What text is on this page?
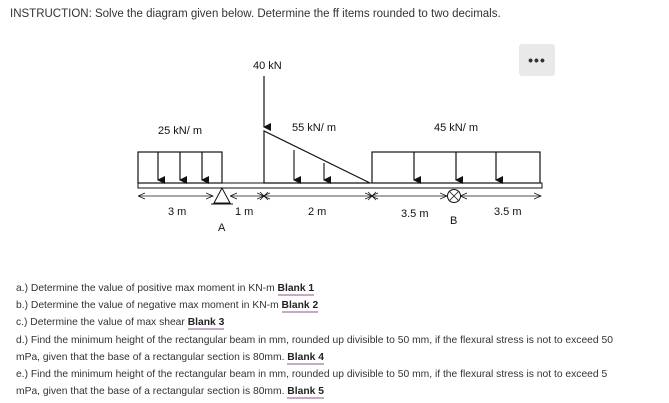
INSTRUCTION: Solve the diagram given below. Determine the ff items rounded to two decimals.
•••
25 kN/ m
40 kN
55 kN/ m	45 kN/ m
A
B
3 m	1 m	2 m	3.5 m	3.5 m
a.) Determine the value of positive max moment in KN-m Blank 1
b.) Determine the value of negative max moment in KN-m Blank 2
c.) Determine the value of max shear Blank 3
d.) Find the minimum height of the rectangular beam in mm, rounded up divisible to 50 mm, if the flexural stress is not to exceed 50
mPa, given that the base of a rectangular section is 80mm. Blank 4
e.) Find the minimum height of the rectangular beam in mm, rounded up divisible to 50 mm, if the flexural stress is not to exceed 5
mPa, given that the base of a rectangular section is 80mm. Blank 5
